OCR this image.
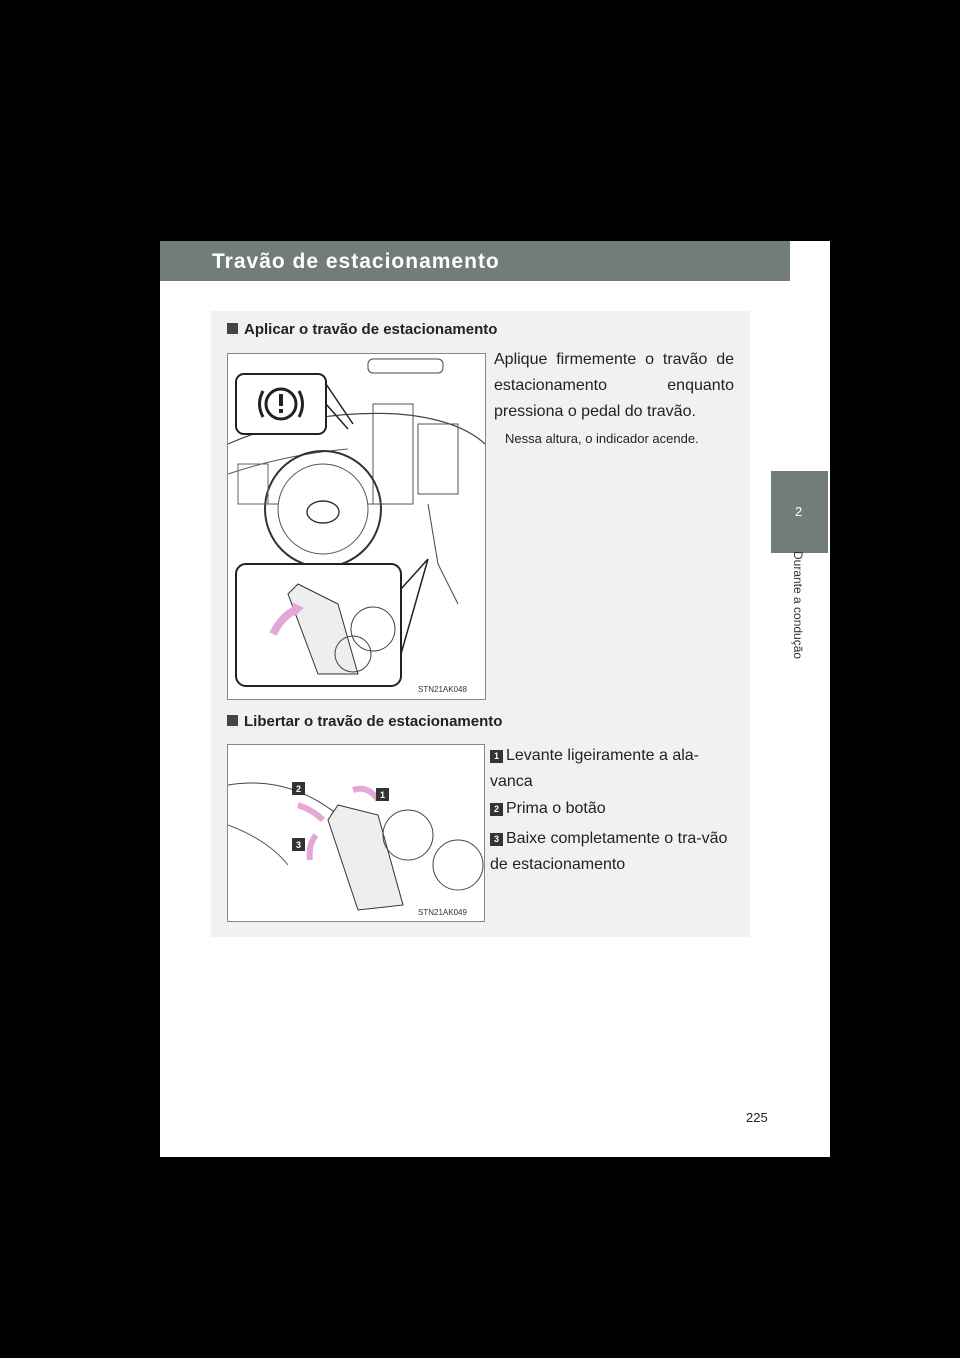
Travão de estacionamento
2
Durante a condução
Aplicar o travão de estacionamento
STN21AK048
Aplique firmemente o travão de estacionamento enquanto pressiona o pedal do travão.
Nessa altura, o indicador acende.
Libertar o travão de estacionamento
2
1
3
STN21AK049
1 Levante ligeiramente a ala-vanca
2 Prima o botão
3 Baixe completamente o tra-vão de estacionamento
225
